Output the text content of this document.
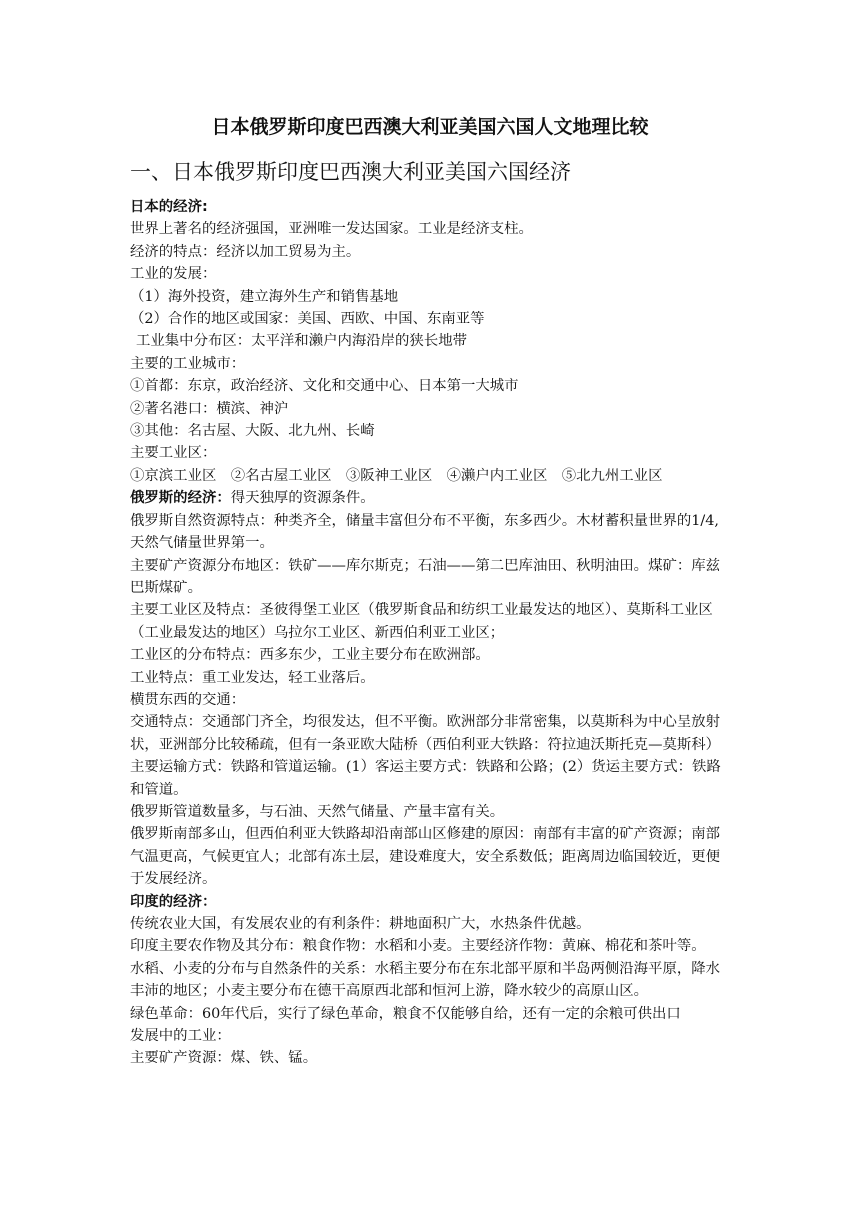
日本俄罗斯印度巴西澳大利亚美国六国人文地理比较
一、日本俄罗斯印度巴西澳大利亚美国六国经济
日本的经济:
世界上著名的经济强国，亚洲唯一发达国家。工业是经济支柱。
经济的特点：经济以加工贸易为主。
工业的发展：
（1）海外投资，建立海外生产和销售基地
（2）合作的地区或国家：美国、西欧、中国、东南亚等
工业集中分布区：太平洋和濑户内海沿岸的狭长地带
主要的工业城市：
①首都：东京，政治经济、文化和交通中心、日本第一大城市
②著名港口：横滨、神沪
③其他：名古屋、大阪、北九州、长崎
主要工业区：
①京滨工业区　②名古屋工业区　③阪神工业区　④濑户内工业区　⑤北九州工业区
俄罗斯的经济：得天独厚的资源条件。
俄罗斯自然资源特点：种类齐全，储量丰富但分布不平衡，东多西少。木材蓄积量世界的1/4,天然气储量世界第一。
主要矿产资源分布地区：铁矿——库尔斯克；石油——第二巴库油田、秋明油田。煤矿：库兹巴斯煤矿。
主要工业区及特点：圣彼得堡工业区（俄罗斯食品和纺织工业最发达的地区）、莫斯科工业区（工业最发达的地区）乌拉尔工业区、新西伯利亚工业区；
工业区的分布特点：西多东少，工业主要分布在欧洲部。
工业特点：重工业发达，轻工业落后。
横贯东西的交通：
交通特点：交通部门齐全，均很发达，但不平衡。欧洲部分非常密集，以莫斯科为中心呈放射状，亚洲部分比较稀疏，但有一条亚欧大陆桥（西伯利亚大铁路：符拉迪沃斯托克—莫斯科）
主要运输方式：铁路和管道运输。(1）客运主要方式：铁路和公路；(2）货运主要方式：铁路和管道。
俄罗斯管道数量多，与石油、天然气储量、产量丰富有关。
俄罗斯南部多山，但西伯利亚大铁路却沿南部山区修建的原因：南部有丰富的矿产资源；南部气温更高，气候更宜人；北部有冻土层，建设难度大，安全系数低；距离周边临国较近，更便于发展经济。
印度的经济：
传统农业大国，有发展农业的有利条件：耕地面积广大，水热条件优越。
印度主要农作物及其分布：粮食作物：水稻和小麦。主要经济作物：黄麻、棉花和茶叶等。
水稻、小麦的分布与自然条件的关系：水稻主要分布在东北部平原和半岛两侧沿海平原，降水丰沛的地区；小麦主要分布在德干高原西北部和恒河上游，降水较少的高原山区。
绿色革命：60年代后，实行了绿色革命，粮食不仅能够自给，还有一定的余粮可供出口
发展中的工业：
主要矿产资源：煤、铁、锰。
